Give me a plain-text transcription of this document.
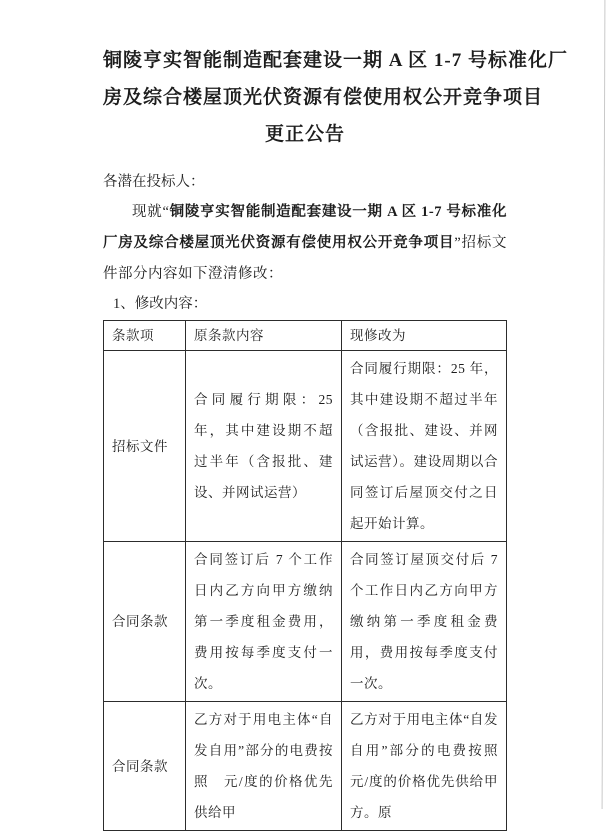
铜陵亨实智能制造配套建设一期 A 区 1-7 号标准化厂
房及综合楼屋顶光伏资源有偿使用权公开竞争项目
更正公告

各潜在投标人：

现就“铜陵亨实智能制造配套建设一期 A 区 1-7 号标准化厂房及综合楼屋顶光伏资源有偿使用权公开竞争项目”招标文件部分内容如下澄清修改：

1、修改内容：

条款项	原条款内容	现修改为
招标文件	合同履行期限：25 年，其中建设期不超过半年（含报批、建设、并网试运营）	合同履行期限：25 年，其中建设期不超过半年（含报批、建设、并网试运营）。建设周期以合同签订后屋顶交付之日起开始计算。
合同条款	合同签订后 7 个工作日内乙方向甲方缴纳第一季度租金费用，费用按每季度支付一次。	合同签订屋顶交付后 7 个工作日内乙方向甲方缴纳第一季度租金费用，费用按每季度支付一次。
合同条款	乙方对于用电主体“自发自用”部分的电费按照　元/度的价格优先供给甲	乙方对于用电主体“自发自用”部分的电费按照　元/度的价格优先供给甲方。原
